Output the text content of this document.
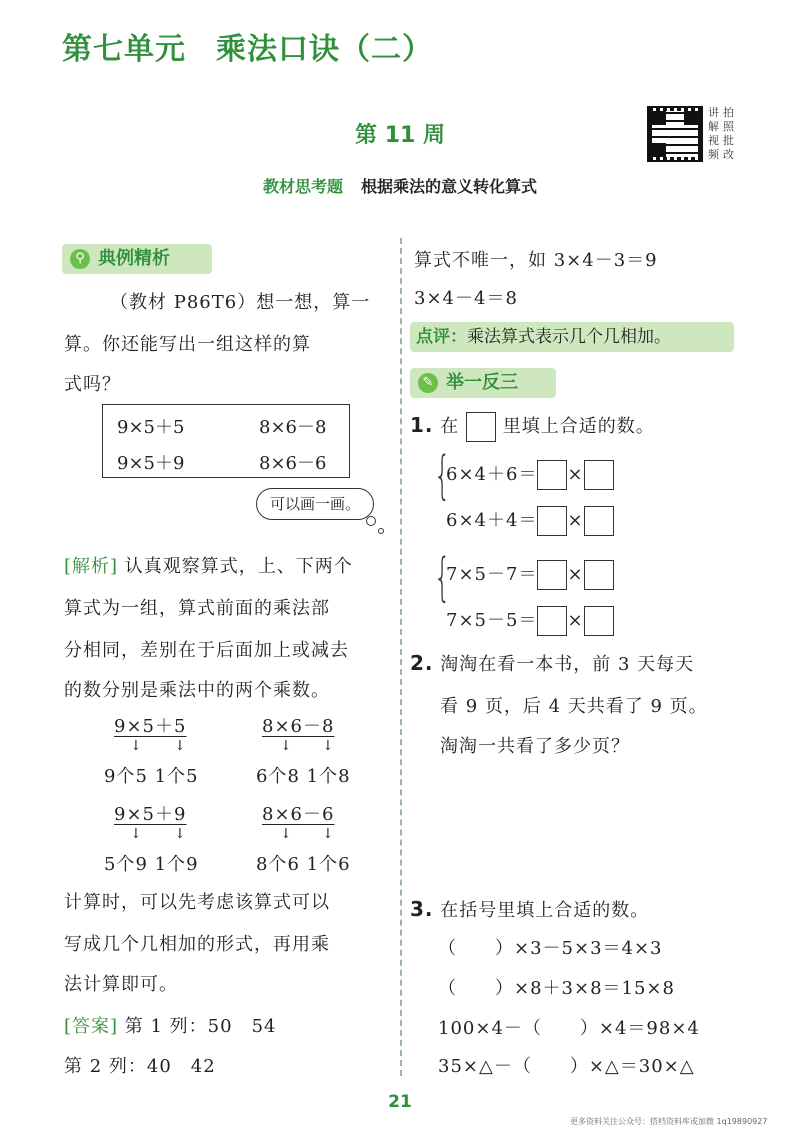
第七单元 乘法口诀（二）
第 11 周
教材思考题 根据乘法的意义转化算式
讲 拍解 照视 批频 改
⚲ 典例精析
（教材 P86T6）想一想，算一
算。你还能写出一组这样的算
式吗？
9×5＋5	8×6－8
9×5＋9	8×6－6
可以画一画。
[解析] 认真观察算式，上、下两个
算式为一组，算式前面的乘法部
分相同，差别在于后面加上或减去
的数分别是乘法中的两个乘数。
9×5＋5
↓ ↓
9个5 1个5
8×6－8
↓ ↓
6个8 1个8
9×5＋9
↓ ↓
5个9 1个9
8×6－6
↓ ↓
8个6 1个6
计算时，可以先考虑该算式可以
写成几个几相加的形式，再用乘
法计算即可。
[答案] 第 1 列：50　54
第 2 列：40　42
算式不唯一，如 3×4－3＝9
3×4－4＝8
点评：乘法算式表示几个几相加。
✎ 举一反三
1. 在 里填上合适的数。
{
6×4＋6＝ ×
6×4＋4＝ ×
{
7×5－7＝ ×
7×5－5＝ ×
2. 淘淘在看一本书，前 3 天每天
看 9 页，后 4 天共看了 9 页。
淘淘一共看了多少页？
3. 在括号里填上合适的数。
（　　）×3－5×3＝4×3
（　　）×8＋3×8＝15×8
100×4－（　　）×4＝98×4
35×△－（　　）×△＝30×△
21
更多资料关注公众号：搭档资料库或加微 1q19890927
